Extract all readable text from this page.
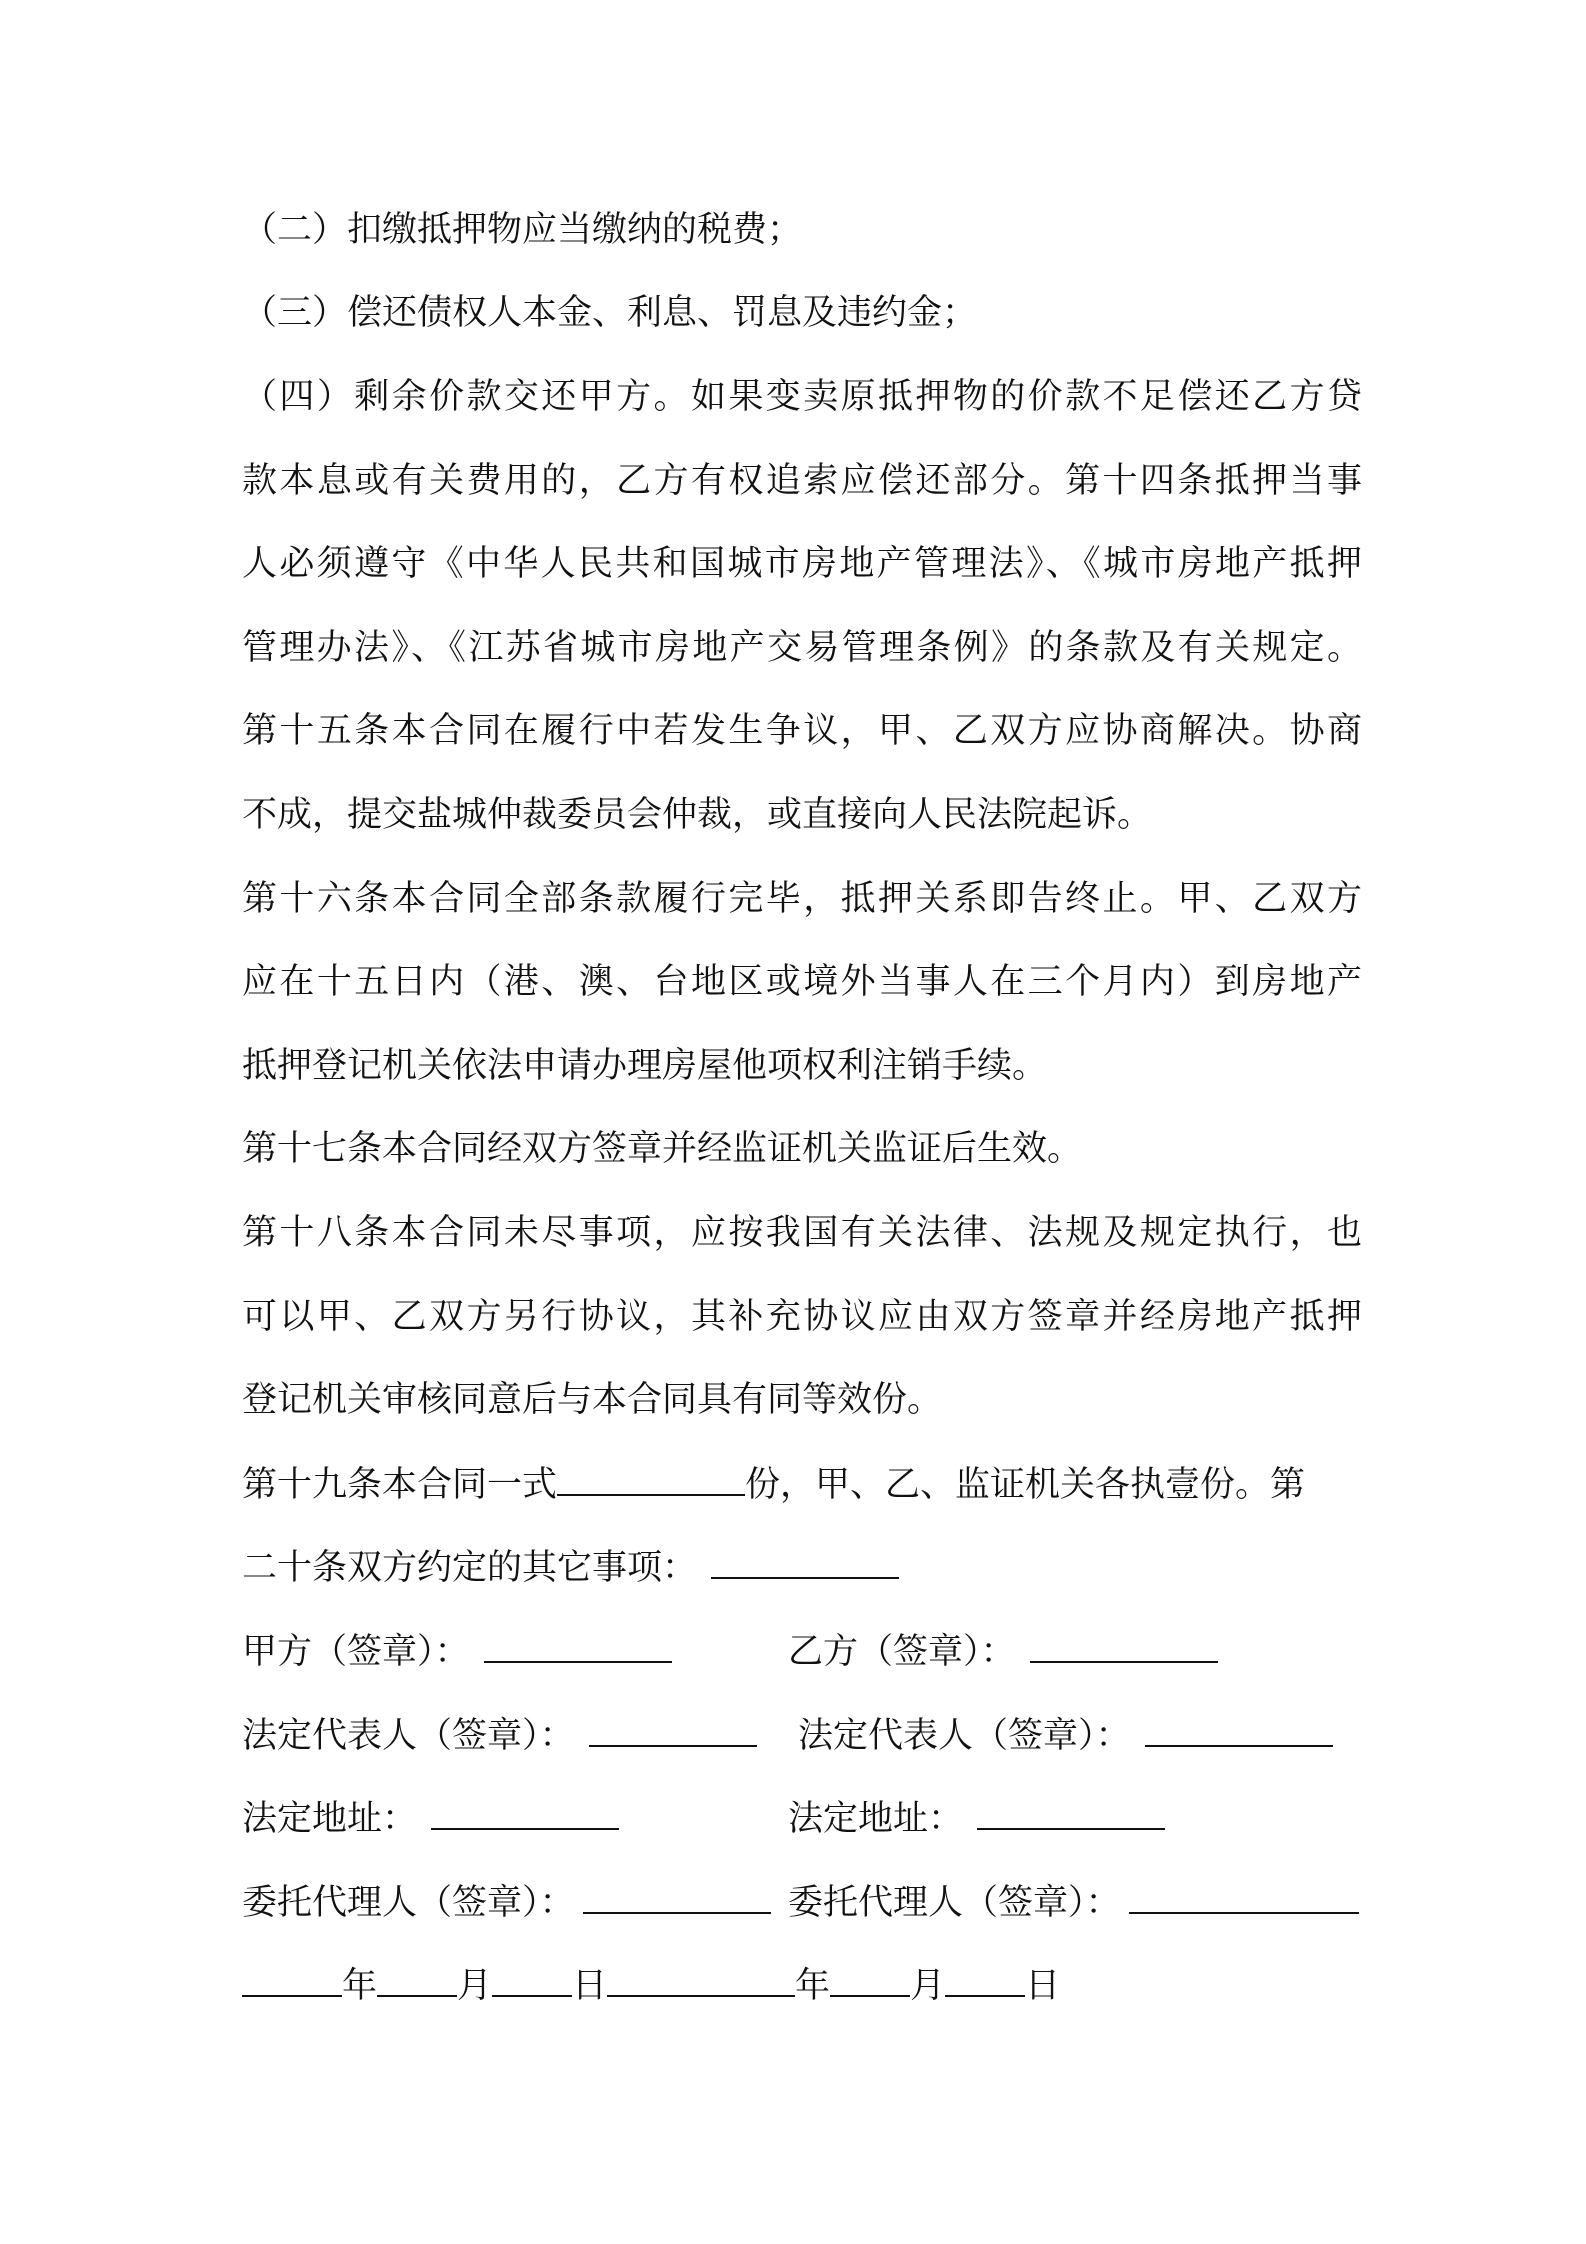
（二）扣缴抵押物应当缴纳的税费；
（三）偿还债权人本金、利息、罚息及违约金；
（四）剩余价款交还甲方。如果变卖原抵押物的价款不足偿还乙方贷
款本息或有关费用的，乙方有权追索应偿还部分。第十四条抵押当事
人必须遵守《中华人民共和国城市房地产管理法》、《城市房地产抵押
管理办法》、《江苏省城市房地产交易管理条例》的条款及有关规定。
第十五条本合同在履行中若发生争议，甲、乙双方应协商解决。协商
不成，提交盐城仲裁委员会仲裁，或直接向人民法院起诉。
第十六条本合同全部条款履行完毕，抵押关系即告终止。甲、乙双方
应在十五日内（港、澳、台地区或境外当事人在三个月内）到房地产
抵押登记机关依法申请办理房屋他项权利注销手续。
第十七条本合同经双方签章并经监证机关监证后生效。
第十八条本合同未尽事项，应按我国有关法律、法规及规定执行，也
可以甲、乙双方另行协议，其补充协议应由双方签章并经房地产抵押
登记机关审核同意后与本合同具有同等效份。
第十九条本合同一式	份，甲、乙、监证机关各执壹份。第
二十条双方约定的其它事项：
甲方（签章）：	乙方（签章）：
法定代表人（签章）：	法定代表人（签章）：
法定地址：	法定地址：
委托代理人（签章）：	委托代理人（签章）：
年 月 日	年 月 日
